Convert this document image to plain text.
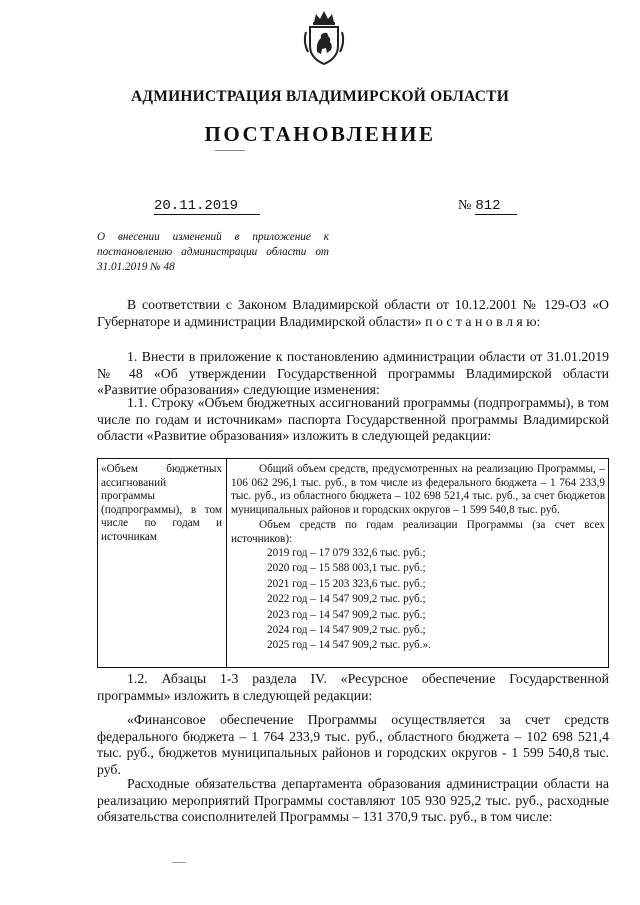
АДМИНИСТРАЦИЯ ВЛАДИМИРСКОЙ ОБЛАСТИ
ПОСТАНОВЛЕНИЕ
20.11.2019	№ 812
О внесении изменений в приложение к постановлению администрации области от 31.01.2019 № 48
В соответствии с Законом Владимирской области от 10.12.2001 № 129-ОЗ «О Губернаторе и администрации Владимирской области» п о с т а н о в л я ю:
1. Внести в приложение к постановлению администрации области от 31.01.2019 № 48 «Об утверждении Государственной программы Владимирской области «Развитие образования» следующие изменения:
1.1. Строку «Объем бюджетных ассигнований программы (подпрограммы), в том числе по годам и источникам» паспорта Государственной программы Владимирской области «Развитие образования» изложить в следующей редакции:
«Объем бюджетных ассигнований программы (подпрограммы), в том числе по годам и источникам
Общий объем средств, предусмотренных на реализацию Программы, – 106 062 296,1 тыс. руб., в том числе из федерального бюджета – 1 764 233,9 тыс. руб., из областного бюджета – 102 698 521,4 тыс. руб., за счет бюджетов муниципальных районов и городских округов – 1 599 540,8 тыс. руб.
Объем средств по годам реализации Программы (за счет всех источников):
2019 год – 17 079 332,6 тыс. руб.;
2020 год – 15 588 003,1 тыс. руб.;
2021 год – 15 203 323,6 тыс. руб.;
2022 год – 14 547 909,2 тыс. руб.;
2023 год – 14 547 909,2 тыс. руб.;
2024 год – 14 547 909,2 тыс. руб.;
2025 год – 14 547 909,2 тыс. руб.».
1.2. Абзацы 1-3 раздела IV. «Ресурсное обеспечение Государственной программы» изложить в следующей редакции:
«Финансовое обеспечение Программы осуществляется за счет средств федерального бюджета – 1 764 233,9 тыс. руб., областного бюджета – 102 698 521,4 тыс. руб., бюджетов муниципальных районов и городских округов - 1 599 540,8 тыс. руб.
Расходные обязательства департамента образования администрации области на реализацию мероприятий Программы составляют 105 930 925,2 тыс. руб., расходные обязательства соисполнителей Программы – 131 370,9 тыс. руб., в том числе:
